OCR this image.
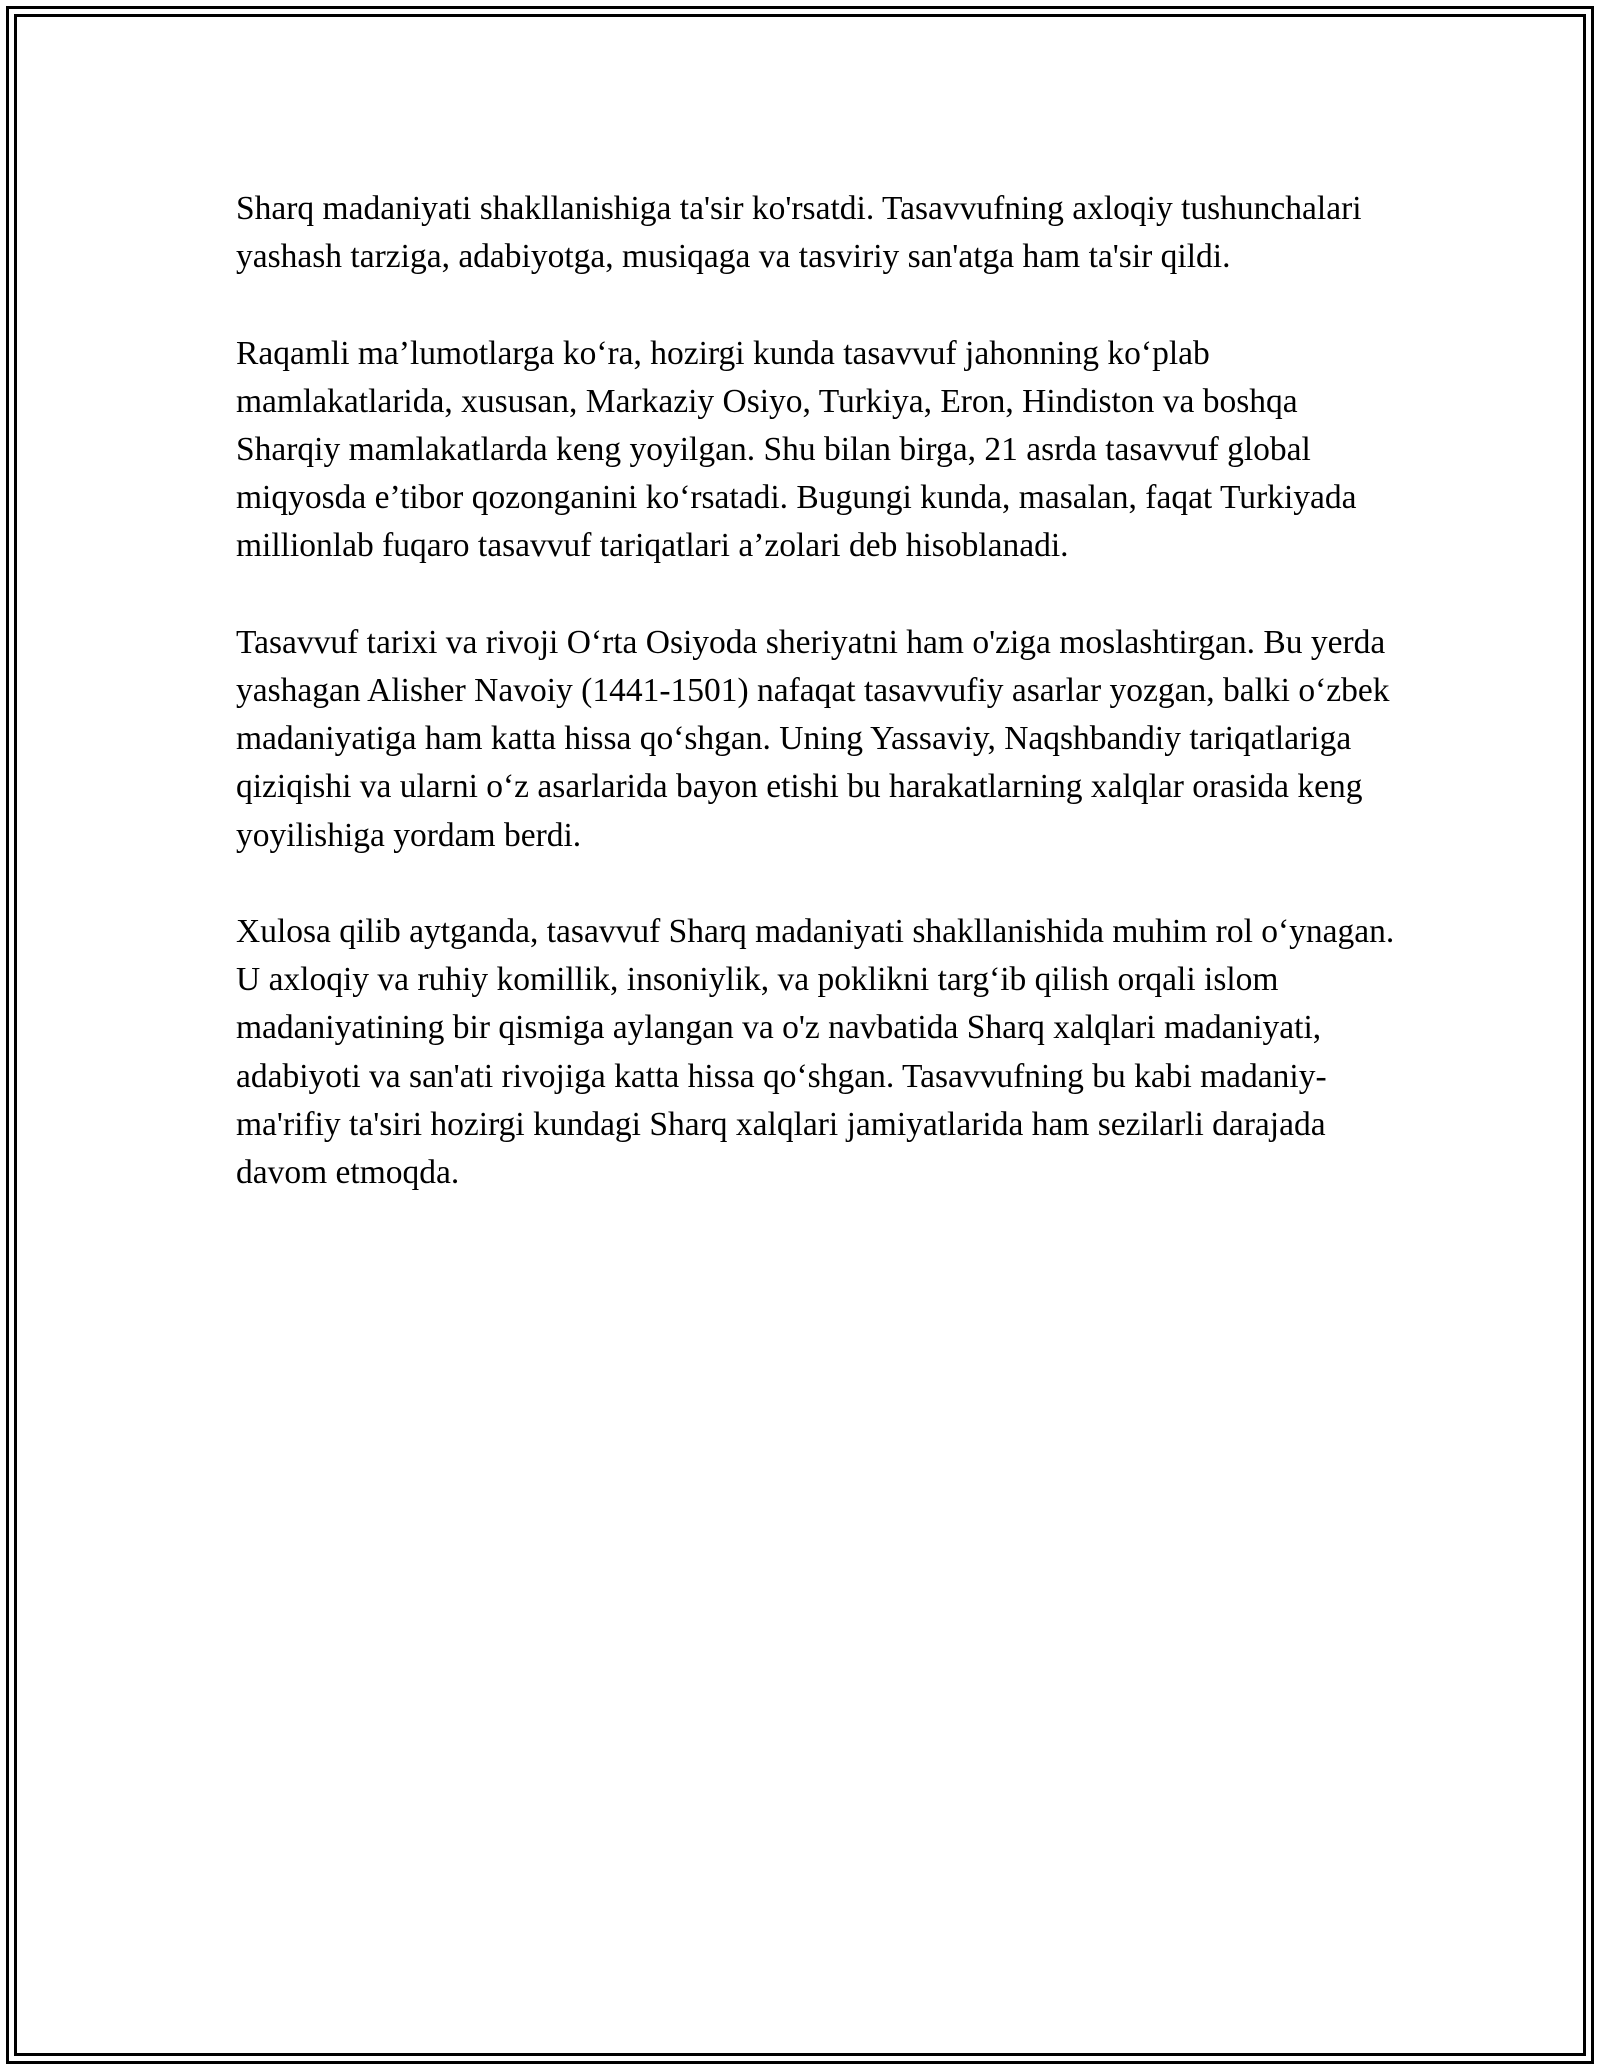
Sharq madaniyati shakllanishiga ta'sir ko'rsatdi. Tasavvufning axloqiy tushunchalari yashash tarziga, adabiyotga, musiqaga va tasviriy san'atga ham ta'sir qildi.

Raqamli ma’lumotlarga ko‘ra, hozirgi kunda tasavvuf jahonning ko‘plab mamlakatlarida, xususan, Markaziy Osiyo, Turkiya, Eron, Hindiston va boshqa Sharqiy mamlakatlarda keng yoyilgan. Shu bilan birga, 21 asrda tasavvuf global miqyosda e’tibor qozonganini ko‘rsatadi. Bugungi kunda, masalan, faqat Turkiyada millionlab fuqaro tasavvuf tariqatlari a’zolari deb hisoblanadi.

Tasavvuf tarixi va rivoji O‘rta Osiyoda sheriyatni ham o'ziga moslashtirgan. Bu yerda yashagan Alisher Navoiy (1441-1501) nafaqat tasavvufiy asarlar yozgan, balki o‘zbek madaniyatiga ham katta hissa qo‘shgan. Uning Yassaviy, Naqshbandiy tariqatlariga qiziqishi va ularni o‘z asarlarida bayon etishi bu harakatlarning xalqlar orasida keng yoyilishiga yordam berdi.

Xulosa qilib aytganda, tasavvuf Sharq madaniyati shakllanishida muhim rol o‘ynagan. U axloqiy va ruhiy komillik, insoniylik, va poklikni targ‘ib qilish orqali islom madaniyatining bir qismiga aylangan va o'z navbatida Sharq xalqlari madaniyati, adabiyoti va san'ati rivojiga katta hissa qo‘shgan. Tasavvufning bu kabi madaniy-ma'rifiy ta'siri hozirgi kundagi Sharq xalqlari jamiyatlarida ham sezilarli darajada davom etmoqda.
